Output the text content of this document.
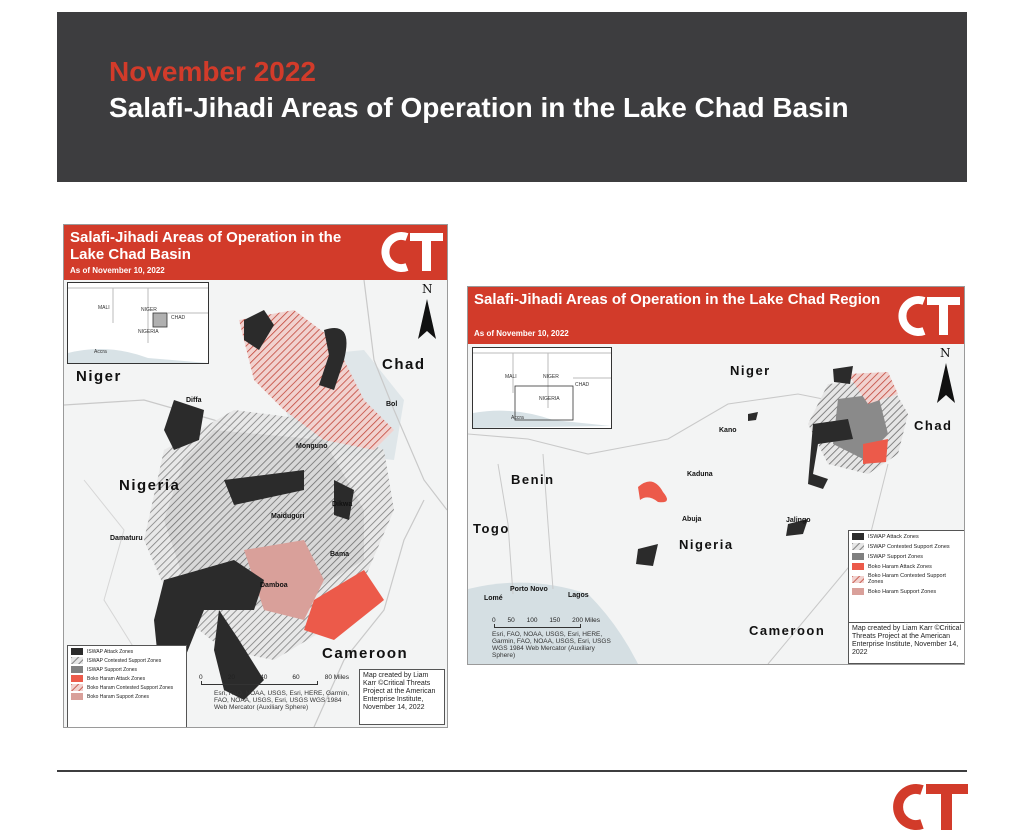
November 2022
Salafi-Jihadi Areas of Operation in the Lake Chad Basin
Salafi-Jihadi Areas of Operation in the Lake Chad Basin
As of November 10, 2022
MALI	NIGER
CHAD
NIGERIA
Accra
N
Niger
Chad
Nigeria
Cameroon
Diffa
Bol
Monguno
Maiduguri
Dikwa
Damaturu
Bama
Damboa
ISWAP Attack Zones
ISWAP Contested Support Zones
ISWAP Support Zones
Boko Haram Attack Zones
Boko Haram Contested Support Zones
Boko Haram Support Zones
0	20	40	60	80 Miles
Esri, FAO, NOAA, USGS, Esri, HERE, Garmin, FAO, NOAA, USGS, Esri, USGS WGS 1984 Web Mercator (Auxiliary Sphere)
Map created by Liam Karr ©Critical Threats Project at the American Enterprise Institute, November 14, 2022
Salafi-Jihadi Areas of Operation in the Lake Chad Region
As of November 10, 2022
MALI	NIGER
CHAD
NIGERIA
Accra
N
Niger
Chad
Benin
Togo
Nigeria
Cameroon
Kano
Kaduna
Abuja	Jalingo
Porto Novo
Lagos
Lomé
ISWAP Attack Zones
ISWAP Contested Support Zones
ISWAP Support Zones
Boko Haram Attack Zones
Boko Haram Contested Support Zones
Boko Haram Support Zones
0 50 100 150 200 Miles
Esri, FAO, NOAA, USGS, Esri, HERE, Garmin, FAO, NOAA, USGS, Esri, USGS WGS 1984 Web Mercator (Auxiliary Sphere)
Map created by Liam Karr ©Critical Threats Project at the American Enterprise Institute, November 14, 2022
